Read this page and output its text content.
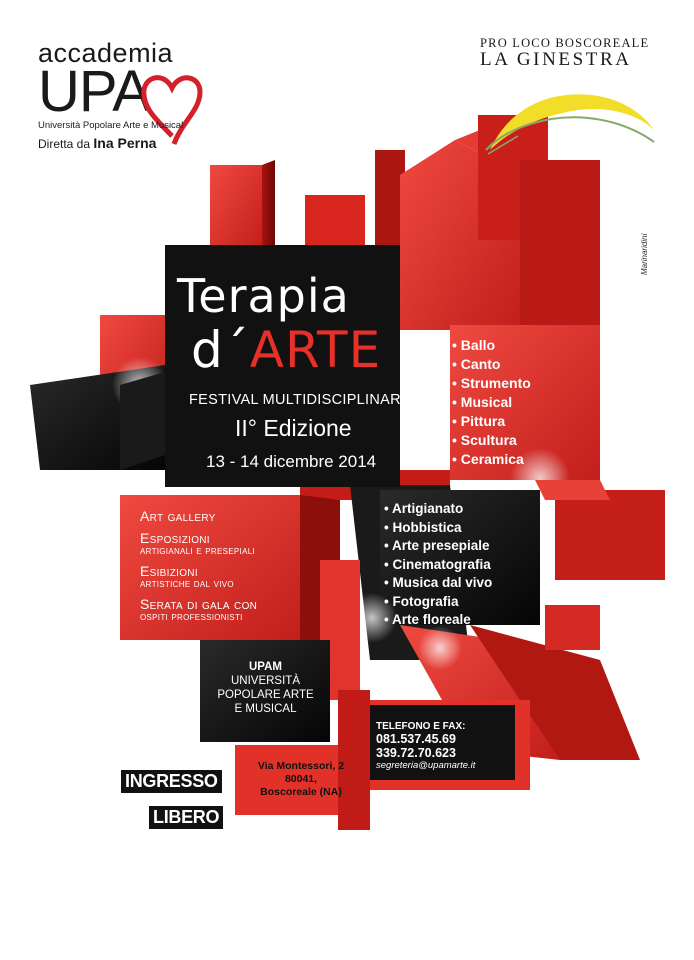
accademia
UPA
Università Popolare Arte e Musical
Diretta da Ina Perna
PRO LOCO BOSCOREALE
LA GINESTRA
Marinaridini
Terapia
d´ARTE
FESTIVAL MULTIDISCIPLINARE
II° Edizione
13 - 14 dicembre 2014
• Ballo
• Canto
• Strumento
• Musical
• Pittura
• Scultura
• Ceramica
• Artigianato
• Hobbistica
• Arte presepiale
• Cinematografia
• Musica dal vivo
• Fotografia
• Arte floreale
Art gallery
Esposizioni
artigianali e presepiali
Esibizioni
artistiche dal vivo
Serata di gala con
ospiti professionisti
UPAM
UNIVERSITÀ
POPOLARE ARTE
E MUSICAL
Via Montessori, 2
80041,
Boscoreale (NA)
TELEFONO E FAX:
081.537.45.69
339.72.70.623
segreteria@upamarte.it
INGRESSO
LIBERO
